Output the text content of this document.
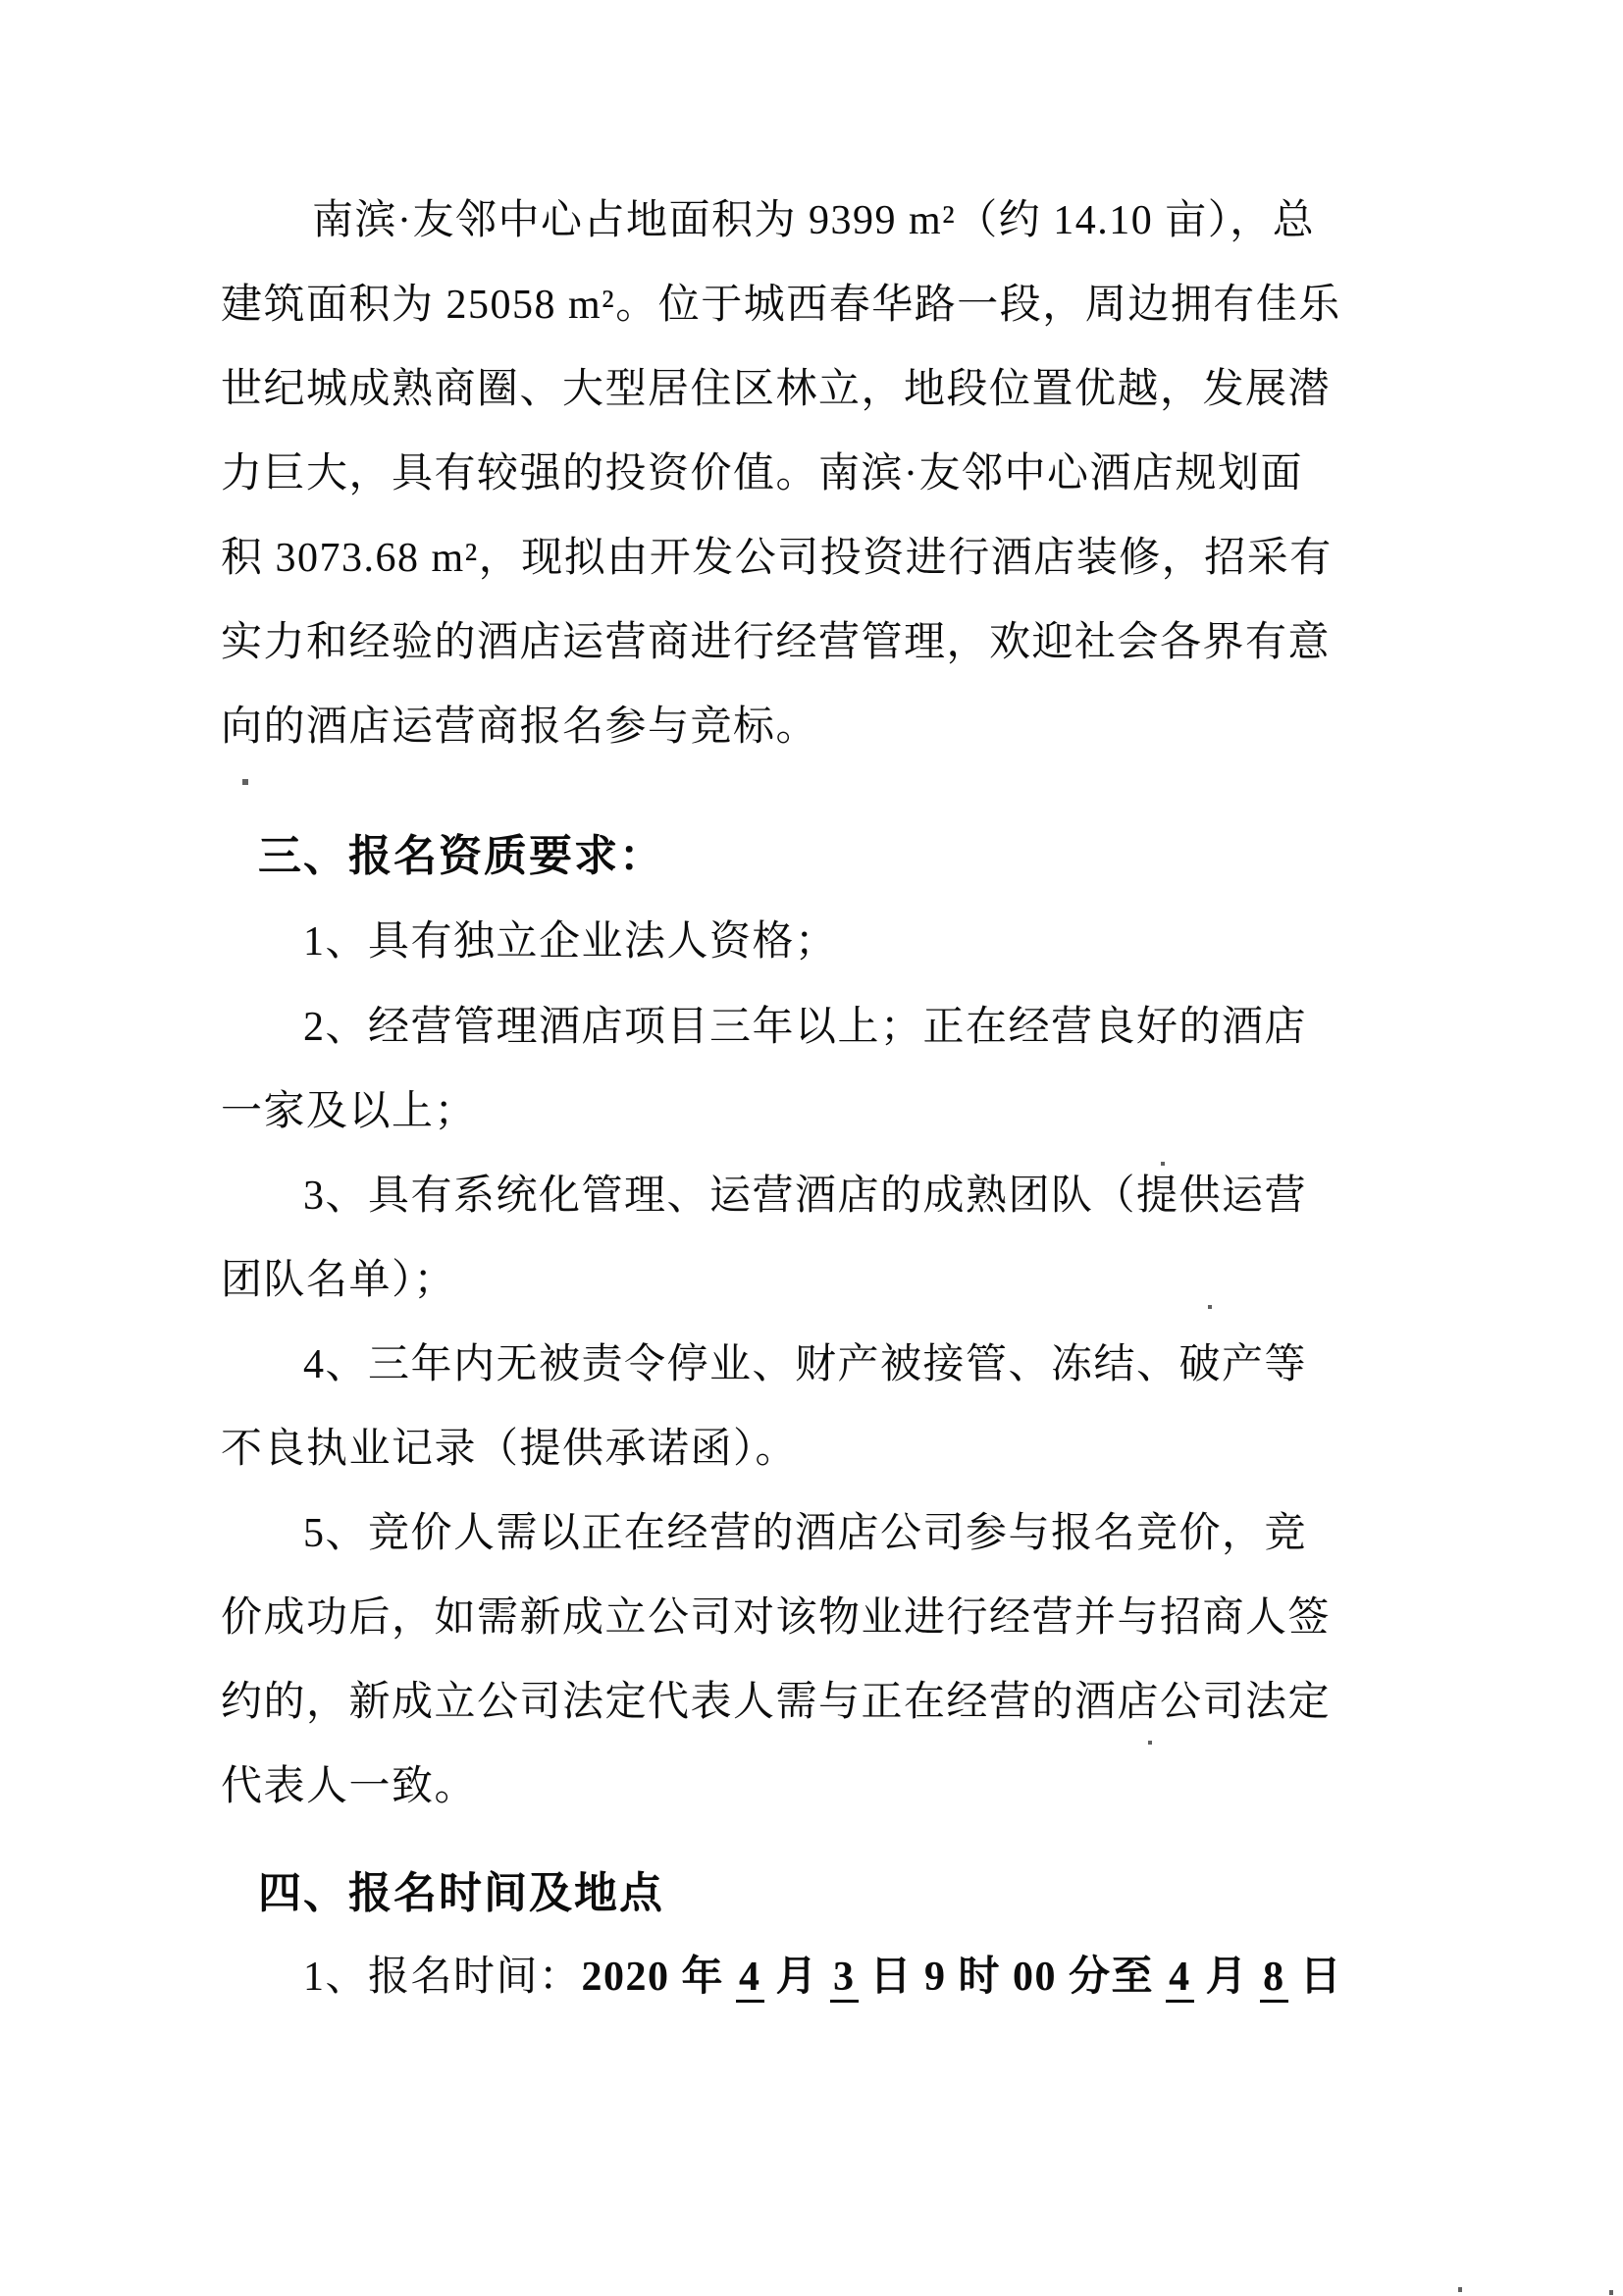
南滨·友邻中心占地面积为 9399 m²（约 14.10 亩），总
建筑面积为 25058 m²。位于城西春华路一段，周边拥有佳乐
世纪城成熟商圈、大型居住区林立，地段位置优越，发展潜
力巨大，具有较强的投资价值。南滨·友邻中心酒店规划面
积 3073.68 m²，现拟由开发公司投资进行酒店装修，招采有
实力和经验的酒店运营商进行经营管理，欢迎社会各界有意
向的酒店运营商报名参与竞标。
三、报名资质要求：
1、具有独立企业法人资格；
2、经营管理酒店项目三年以上；正在经营良好的酒店
一家及以上；
3、具有系统化管理、运营酒店的成熟团队（提供运营
团队名单）；
4、三年内无被责令停业、财产被接管、冻结、破产等
不良执业记录（提供承诺函）。
5、竞价人需以正在经营的酒店公司参与报名竞价，竞
价成功后，如需新成立公司对该物业进行经营并与招商人签
约的，新成立公司法定代表人需与正在经营的酒店公司法定
代表人一致。
四、报名时间及地点
1、报名时间：2020 年 4 月 3 日 9 时 00 分至 4 月 8 日
